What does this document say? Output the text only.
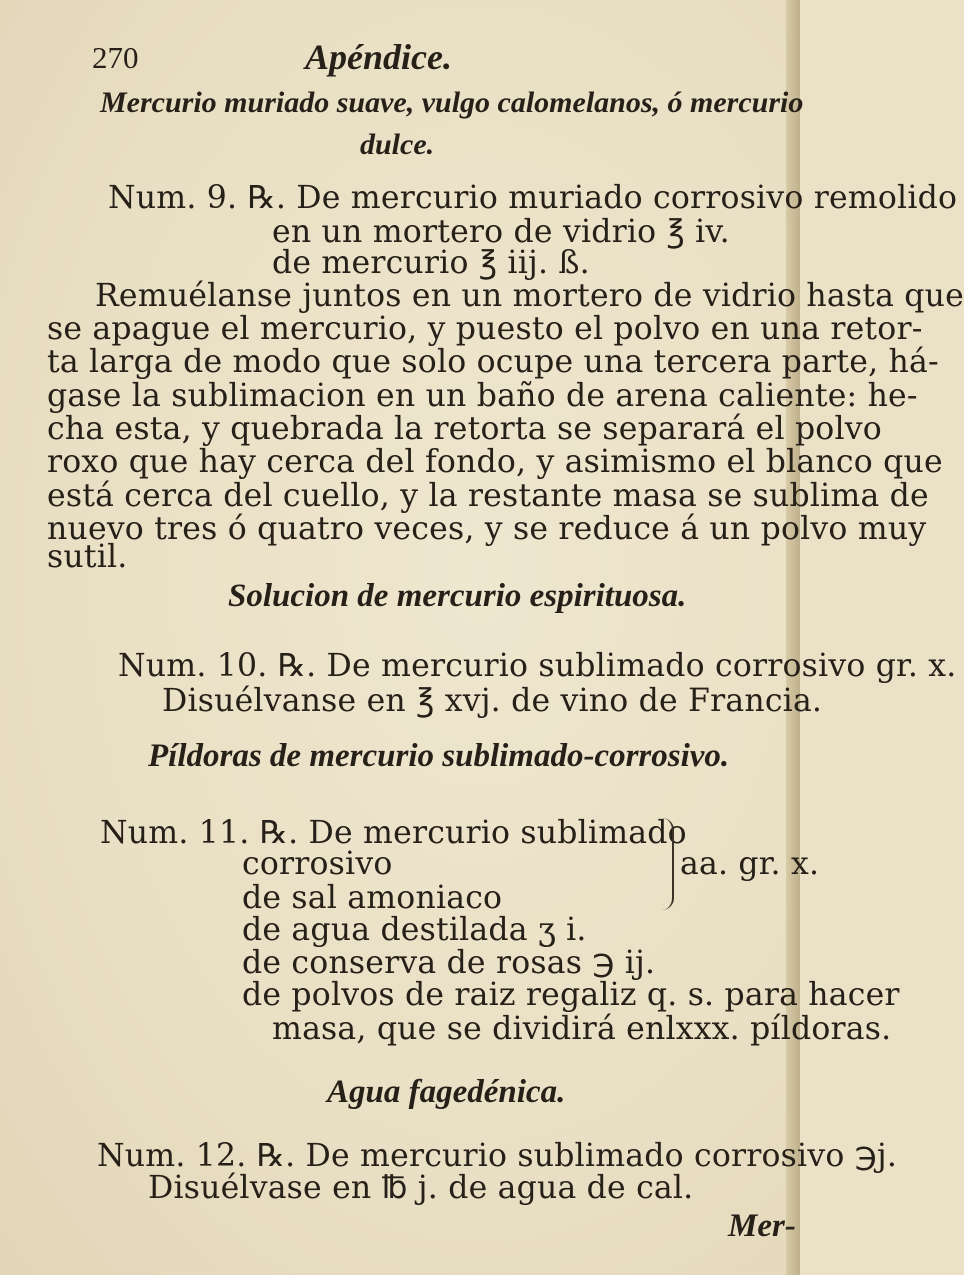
270	Apéndice.
Mercurio muriado suave, vulgo calomelanos, ó mercurio
dulce.
Num. 9. ℞. De mercurio muriado corrosivo remolido
en un mortero de vidrio ℥ iv.
de mercurio ℥ iij. ß.
Remuélanse juntos en un mortero de vidrio hasta que
se apague el mercurio, y puesto el polvo en una retor-
ta larga de modo que solo ocupe una tercera parte, há-
gase la sublimacion en un baño de arena caliente: he-
cha esta, y quebrada la retorta se separará el polvo
roxo que hay cerca del fondo, y asimismo el blanco que
está cerca del cuello, y la restante masa se sublima de
nuevo tres ó quatro veces, y se reduce á un polvo muy
sutil.
Solucion de mercurio espirituosa.
Num. 10. ℞. De mercurio sublimado corrosivo gr. x.
Disuélvanse en ℥ xvj. de vino de Francia.
Píldoras de mercurio sublimado-corrosivo.
Num. 11. ℞. De mercurio sublimado
corrosivo	aa. gr. x.
de sal amoniaco
de agua destilada ʒ i.
de conserva de rosas ℈ ij.
de polvos de raiz regaliz q. s. para hacer
masa, que se dividirá enlxxx. píldoras.
Agua fagedénica.
Num. 12. ℞. De mercurio sublimado corrosivo ℈j.
Disuélvase en ℔ j. de agua de cal.
Mer-
